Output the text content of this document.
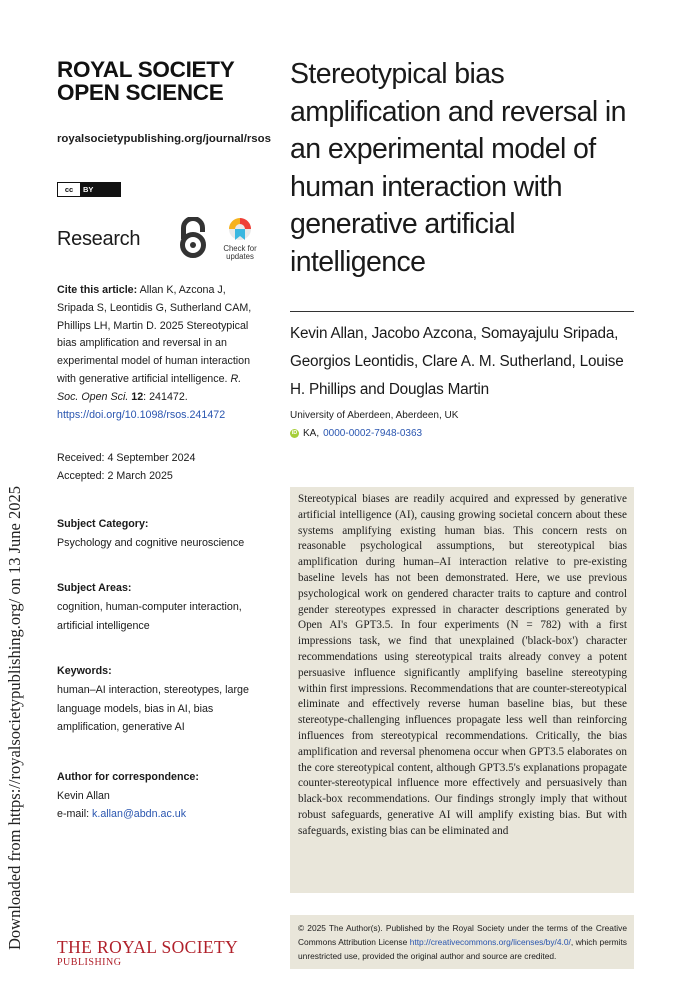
Downloaded from https://royalsocietypublishing.org/ on 13 June 2025
ROYAL SOCIETY
OPEN SCIENCE
royalsocietypublishing.org/journal/rsos
cc	BY
Research	Check for
updates
Cite this article: Allan K, Azcona J, Sripada S, Leontidis G, Sutherland CAM, Phillips LH, Martin D. 2025 Stereotypical bias amplification and reversal in an experimental model of human interaction with generative artificial intelligence. R. Soc. Open Sci. 12: 241472.
https://doi.org/10.1098/rsos.241472
Received: 4 September 2024
Accepted: 2 March 2025
Subject Category:
Psychology and cognitive neuroscience
Subject Areas:
cognition, human-computer interaction, artificial intelligence
Keywords:
human–AI interaction, stereotypes, large language models, bias in AI, bias amplification, generative AI
Author for correspondence:
Kevin Allan
e-mail: k.allan@abdn.ac.uk
Stereotypical bias amplification and reversal in an experimental model of human interaction with generative artificial intelligence
Kevin Allan, Jacobo Azcona, Somayajulu Sripada, Georgios Leontidis, Clare A. M. Sutherland, Louise H. Phillips and Douglas Martin
University of Aberdeen, Aberdeen, UK
iD KA, 0000-0002-7948-0363
Stereotypical biases are readily acquired and expressed by generative artificial intelligence (AI), causing growing societal concern about these systems amplifying existing human bias. This concern rests on reasonable psychological assumptions, but stereotypical bias amplification during human–AI interaction relative to pre-existing baseline levels has not been demonstrated. Here, we use previous psychological work on gendered character traits to capture and control gender stereotypes expressed in character descriptions generated by Open AI's GPT3.5. In four experiments (N = 782) with a first impressions task, we find that unexplained ('black-box') character recommendations using stereotypical traits already convey a potent persuasive influence significantly amplifying baseline stereotyping within first impressions. Recommendations that are counter-stereotypical eliminate and effectively reverse human baseline bias, but these stereotype-challenging influences propagate less well than reinforcing influences from stereotypical recommendations. Critically, the bias amplification and reversal phenomena occur when GPT3.5 elaborates on the core stereotypical content, although GPT3.5's explanations propagate counter-stereotypical influence more effectively and persuasively than black-box recommendations. Our findings strongly imply that without robust safeguards, generative AI will amplify existing bias. But with safeguards, existing bias can be eliminated and
© 2025 The Author(s). Published by the Royal Society under the terms of the Creative Commons Attribution License http://creativecommons.org/licenses/by/4.0/, which permits unrestricted use, provided the original author and source are credited.
THE ROYAL SOCIETY
PUBLISHING
